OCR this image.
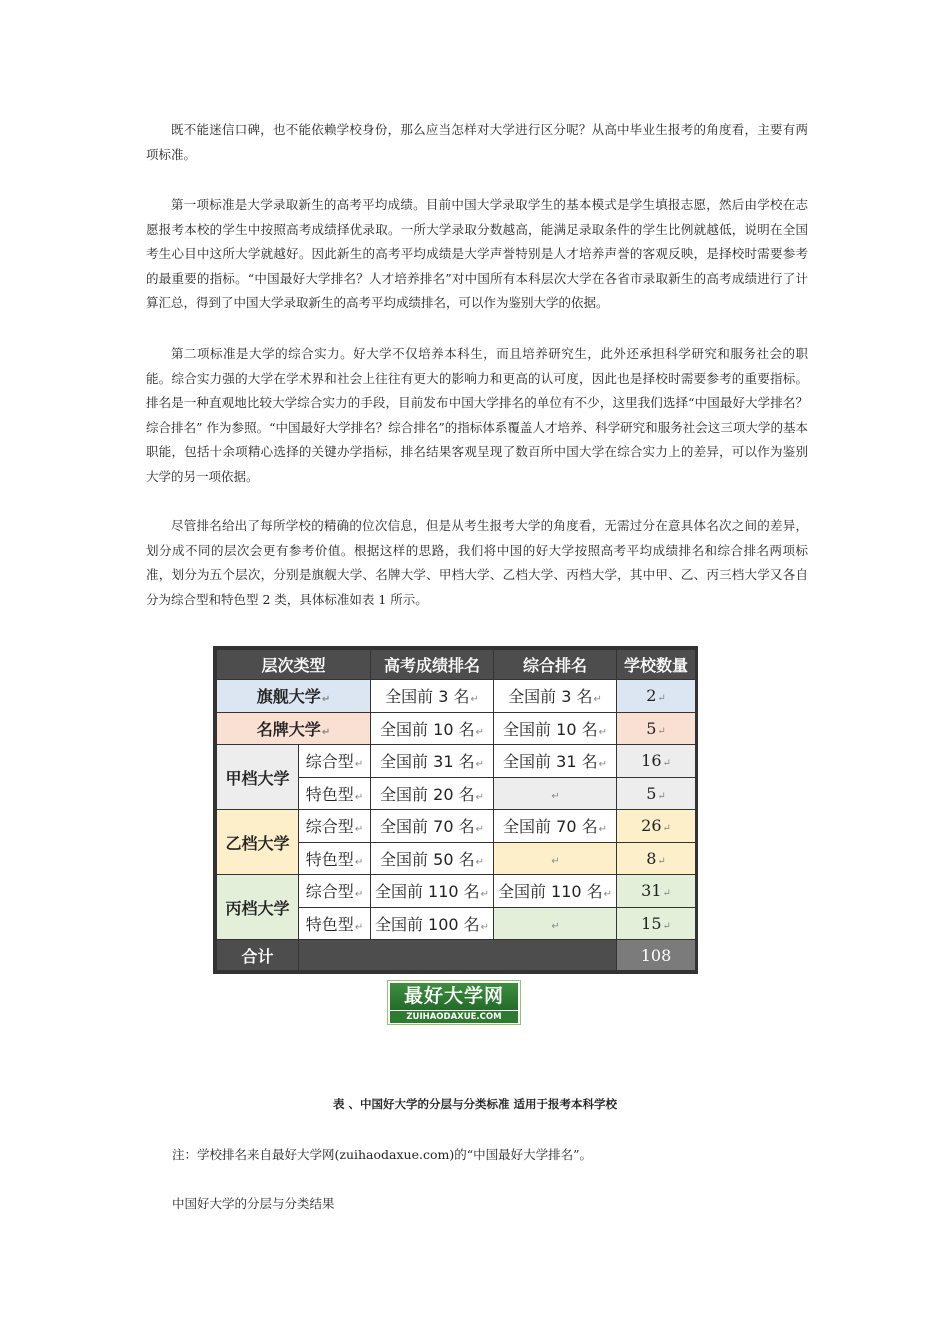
既不能迷信口碑，也不能依赖学校身份，那么应当怎样对大学进行区分呢？从高中毕业生报考的角度看，主要有两项标准。

第一项标准是大学录取新生的高考平均成绩。目前中国大学录取学生的基本模式是学生填报志愿，然后由学校在志愿报考本校的学生中按照高考成绩择优录取。一所大学录取分数越高，能满足录取条件的学生比例就越低，说明在全国考生心目中这所大学就越好。因此新生的高考平均成绩是大学声誉特别是人才培养声誉的客观反映，是择校时需要参考的最重要的指标。“中国最好大学排名？人才培养排名”对中国所有本科层次大学在各省市录取新生的高考成绩进行了计算汇总，得到了中国大学录取新生的高考平均成绩排名，可以作为鉴别大学的依据。

第二项标准是大学的综合实力。好大学不仅培养本科生，而且培养研究生，此外还承担科学研究和服务社会的职能。综合实力强的大学在学术界和社会上往往有更大的影响力和更高的认可度，因此也是择校时需要参考的重要指标。排名是一种直观地比较大学综合实力的手段，目前发布中国大学排名的单位有不少，这里我们选择“中国最好大学排名？综合排名” 作为参照。“中国最好大学排名？综合排名”的指标体系覆盖人才培养、科学研究和服务社会这三项大学的基本职能，包括十余项精心选择的关键办学指标，排名结果客观呈现了数百所中国大学在综合实力上的差异，可以作为鉴别大学的另一项依据。

尽管排名给出了每所学校的精确的位次信息，但是从考生报考大学的角度看，无需过分在意具体名次之间的差异，划分成不同的层次会更有参考价值。根据这样的思路，我们将中国的好大学按照高考平均成绩排名和综合排名两项标准，划分为五个层次，分别是旗舰大学、名牌大学、甲档大学、乙档大学、丙档大学，其中甲、乙、丙三档大学又各自分为综合型和特色型 2 类，具体标准如表 1 所示。

层次类型		高考成绩排名	综合排名	学校数量
旗舰大学↵		全国前 3 名↵	全国前 3 名↵	2↵
名牌大学↵		全国前 10 名↵	全国前 10 名↵	5↵
甲档大学	综合型↵	全国前 31 名↵	全国前 31 名↵	16↵
	特色型↵	全国前 20 名↵	↵	5↵
乙档大学	综合型↵	全国前 70 名↵	全国前 70 名↵	26↵
	特色型↵	全国前 50 名↵	↵	8↵
丙档大学	综合型↵	全国前 110 名↵	全国前 110 名↵	31↵
	特色型↵	全国前 100 名↵	↵	15↵
合计				108
最好大学网
ZUIHAODAXUE.COM

表 、中国好大学的分层与分类标准 适用于报考本科学校

注：学校排名来自最好大学网(zuihaodaxue.com)的“中国最好大学排名”。

中国好大学的分层与分类结果
